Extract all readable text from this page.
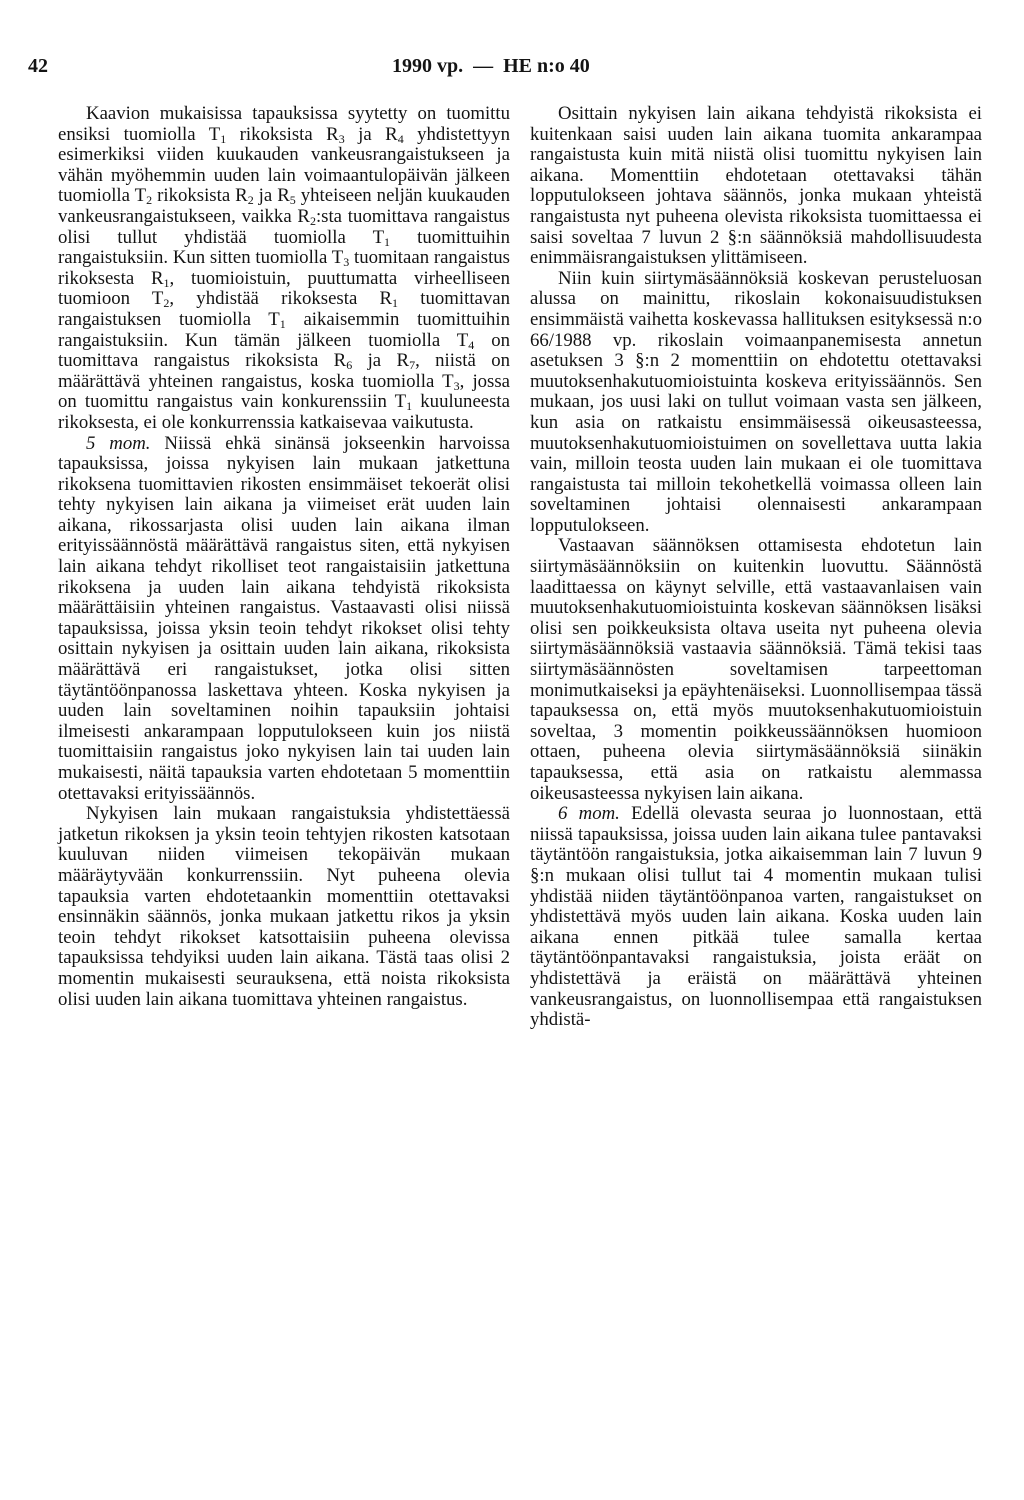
42	1990 vp. — HE n:o 40

Kaavion mukaisissa tapauksissa syytetty on tuomittu ensiksi tuomiolla $T_1$ rikoksista $R_3$ ja $R_4$ yhdistettyyn esimerkiksi viiden kuukauden vankeusrangaistukseen ja vähän myöhemmin uuden lain voimaantulopäivän jälkeen tuomiolla $T_2$ rikoksista $R_2$ ja $R_5$ yhteiseen neljän kuukauden vankeusrangaistukseen, vaikka $R_2:sta$ tuomittava rangaistus olisi tullut yhdistää tuomiolla $T_1$ tuomittuihin rangaistuksiin. Kun sitten tuomiolla $T_3$ tuomitaan rangaistus rikoksesta $R_1$, tuomioistuin, puuttumatta virheelliseen tuomioon $T_2$, yhdistää rikoksesta $R_1$ tuomittavan rangaistuksen tuomiolla $T_1$ aikaisemmin tuomittuihin rangaistuksiin. Kun tämän jälkeen tuomiolla $T_4$ on tuomittava rangaistus rikoksista $R_6$ ja $R_7$, niistä on määrättävä yhteinen rangaistus, koska tuomiolla $T_3$, jossa on tuomittu rangaistus vain konkurenssiin $T_1$ kuuluneesta rikoksesta, ei ole konkurrenssia katkaisevaa vaikutusta.

5 mom. Niissä ehkä sinänsä jokseenkin harvoissa tapauksissa, joissa nykyisen lain mukaan jatkettuna rikoksena tuomittavien rikosten ensimmäiset tekoerät olisi tehty nykyisen lain aikana ja viimeiset erät uuden lain aikana, rikossarjasta olisi uuden lain aikana ilman erityissäännöstä määrättävä rangaistus siten, että nykyisen lain aikana tehdyt rikolliset teot rangaistaisiin jatkettuna rikoksena ja uuden lain aikana tehdyistä rikoksista määrättäisiin yhteinen rangaistus. Vastaavasti olisi niissä tapauksissa, joissa yksin teoin tehdyt rikokset olisi tehty osittain nykyisen ja osittain uuden lain aikana, rikoksista määrättävä eri rangaistukset, jotka olisi sitten täytäntöönpanossa laskettava yhteen. Koska nykyisen ja uuden lain soveltaminen noihin tapauksiin johtaisi ilmeisesti ankarampaan lopputulokseen kuin jos niistä tuomittaisiin rangaistus joko nykyisen lain tai uuden lain mukaisesti, näitä tapauksia varten ehdotetaan 5 momenttiin otettavaksi erityissäännös.

Nykyisen lain mukaan rangaistuksia yhdistettäessä jatketun rikoksen ja yksin teoin tehtyjen rikosten katsotaan kuuluvan niiden viimeisen tekopäivän mukaan määräytyvään konkurrenssiin. Nyt puheena olevia tapauksia varten ehdotetaankin momenttiin otettavaksi ensinnäkin säännös, jonka mukaan jatkettu rikos ja yksin teoin tehdyt rikokset katsottaisiin puheena olevissa tapauksissa tehdyiksi uuden lain aikana. Tästä taas olisi 2 momentin mukaisesti seurauksena, että noista rikoksista olisi uuden lain aikana tuomittava yhteinen rangaistus.

Osittain nykyisen lain aikana tehdyistä rikoksista ei kuitenkaan saisi uuden lain aikana tuomita ankarampaa rangaistusta kuin mitä niistä olisi tuomittu nykyisen lain aikana. Momenttiin ehdotetaan otettavaksi tähän lopputulokseen johtava säännös, jonka mukaan yhteistä rangaistusta nyt puheena olevista rikoksista tuomittaessa ei saisi soveltaa 7 luvun 2 §:n säännöksiä mahdollisuudesta enimmäisrangaistuksen ylittämiseen.

Niin kuin siirtymäsäännöksiä koskevan perusteluosan alussa on mainittu, rikoslain kokonaisuudistuksen ensimmäistä vaihetta koskevassa hallituksen esityksessä n:o 66/1988 vp. rikoslain voimaanpanemisesta annetun asetuksen 3 §:n 2 momenttiin on ehdotettu otettavaksi muutoksenhakutuomioistuinta koskeva erityissäännös. Sen mukaan, jos uusi laki on tullut voimaan vasta sen jälkeen, kun asia on ratkaistu ensimmäisessä oikeusasteessa, muutoksenhakutuomioistuimen on sovellettava uutta lakia vain, milloin teosta uuden lain mukaan ei ole tuomittava rangaistusta tai milloin tekohetkellä voimassa olleen lain soveltaminen johtaisi olennaisesti ankarampaan lopputulokseen.

Vastaavan säännöksen ottamisesta ehdotetun lain siirtymäsäännöksiin on kuitenkin luovuttu. Säännöstä laadittaessa on käynyt selville, että vastaavanlaisen vain muutoksenhakutuomioistuinta koskevan säännöksen lisäksi olisi sen poikkeuksista oltava useita nyt puheena olevia siirtymäsäännöksiä vastaavia säännöksiä. Tämä tekisi taas siirtymäsäännösten soveltamisen tarpeettoman monimutkaiseksi ja epäyhtenäiseksi. Luonnollisempaa tässä tapauksessa on, että myös muutoksenhakutuomioistuin soveltaa, 3 momentin poikkeussäännöksen huomioon ottaen, puheena olevia siirtymäsäännöksiä siinäkin tapauksessa, että asia on ratkaistu alemmassa oikeusasteessa nykyisen lain aikana.

6 mom. Edellä olevasta seuraa jo luonnostaan, että niissä tapauksissa, joissa uuden lain aikana tulee pantavaksi täytäntöön rangaistuksia, jotka aikaisemman lain 7 luvun 9 §:n mukaan olisi tullut tai 4 momentin mukaan tulisi yhdistää niiden täytäntöönpanoa varten, rangaistukset on yhdistettävä myös uuden lain aikana. Koska uuden lain aikana ennen pitkää tulee samalla kertaa täytäntöönpantavaksi rangaistuksia, joista eräät on yhdistettävä ja eräistä on määrättävä yhteinen vankeusrangaistus, on luonnollisempaa että rangaistuksen yhdistä-
